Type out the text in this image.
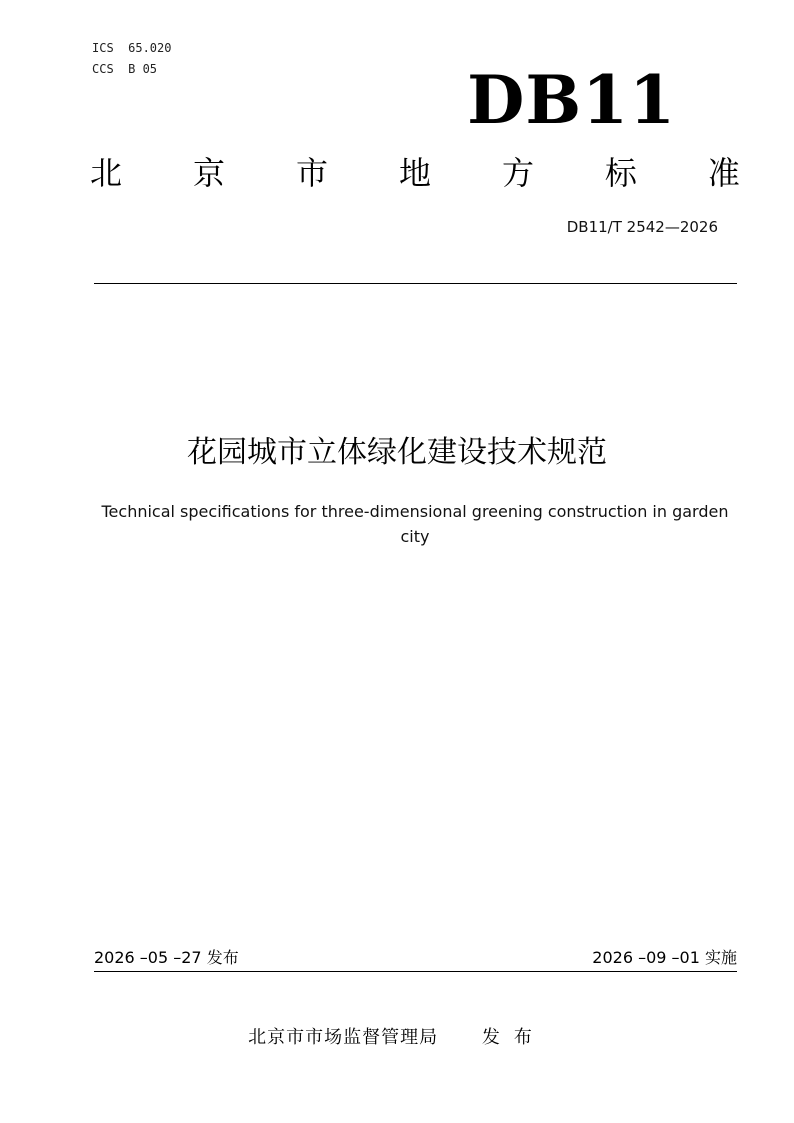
ICS  65.020
CCS  B 05	DB11
北 京 市 地 方 标 准
DB11/T 2542—2026
花园城市立体绿化建设技术规范
Technical specifications for three-dimensional greening construction in garden city
2026 –05 –27 发布	2026 –09 –01 实施
北京市市场监督管理局 发布
